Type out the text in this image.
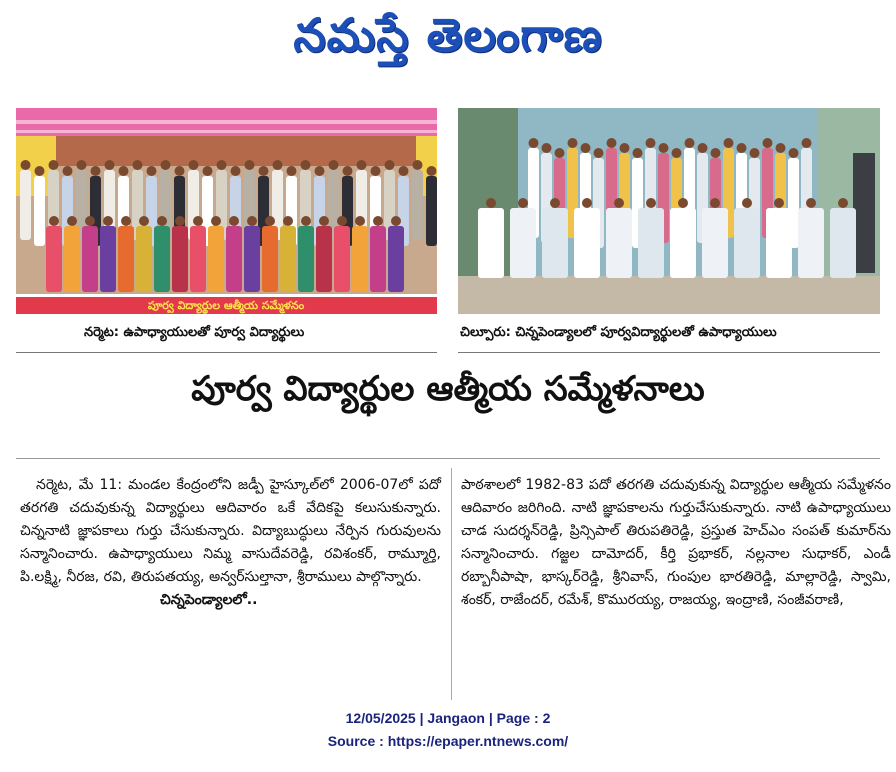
నమస్తే తెలంగాణ
పూర్వ విద్యార్థుల ఆత్మీయ సమ్మేళనం
నర్మెట: ఉపాధ్యాయులతో పూర్వ విద్యార్థులు	చిల్పూరు: చిన్నపెండ్యాలలో పూర్వవిద్యార్థులతో ఉపాధ్యాయులు
పూర్వ విద్యార్థుల ఆత్మీయ సమ్మేళనాలు

నర్మెట, మే 11: మండల కేంద్రంలోని జడ్పీ హైస్కూల్‌లో 2006-07లో పదో తరగతి చదువుకున్న విద్యార్థులు ఆదివారం ఒకే వేదికపై కలుసుకున్నారు. చిన్ననాటి జ్ఞాపకాలు గుర్తు చేసుకున్నారు. విద్యాబుద్ధులు నేర్పిన గురువులను సన్మానించారు. ఉపాధ్యాయులు నిమ్మ వాసుదేవరెడ్డి, రవిశంకర్, రామ్మూర్తి, పి.లక్ష్మి, నీరజ, రవి, తిరుపతయ్య, అన్వర్‌సుల్తానా, శ్రీరాములు పాల్గొన్నారు.

చిన్నపెండ్యాలలో..

పాఠశాలలో 1982-83 పదో తరగతి చదువుకున్న విద్యార్థుల ఆత్మీయ సమ్మేళనం ఆదివారం జరిగింది. నాటి జ్ఞాపకాలను గుర్తుచేసుకున్నారు. నాటి ఉపాధ్యాయులు చాడ సుదర్శన్‌రెడ్డి, ప్రిన్సిపాల్ తిరుపతిరెడ్డి, ప్రస్తుత హెచ్‌ఎం సంపత్ కుమార్‌ను సన్మానించారు. గజ్జల దామోదర్, కీర్తి ప్రభాకర్, నల్లనాల సుధాకర్, ఎండీ రబ్బానీపాషా, భాస్కర్‌రెడ్డి, శ్రీనివాస్, గుంపుల భారతిరెడ్డి, మాల్లారెడ్డి, స్వామి, శంకర్, రాజేందర్, రమేశ్, కొమురయ్య, రాజయ్య, ఇంద్రాణి, సంజీవరాణి,

12/05/2025 | Jangaon | Page : 2
Source : https://epaper.ntnews.com/
